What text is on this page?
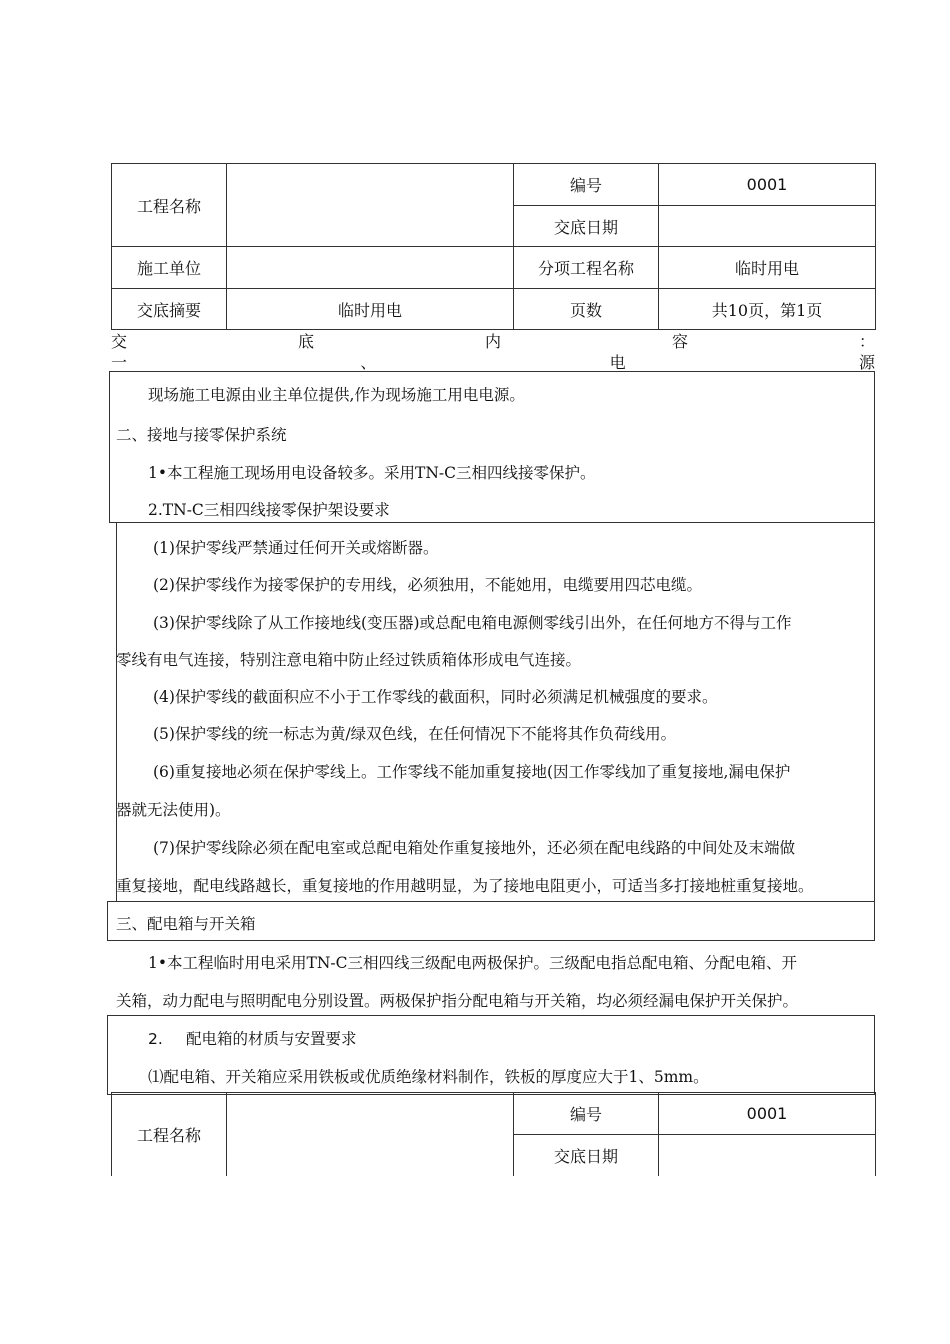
工程名称		编号	0001
		交底日期	
施工单位		分项工程名称	临时用电
交底摘要	临时用电	页数	共10页，第1页
交	底	内	容	：
一	、	电	源
现场施工电源由业主单位提供,作为现场施工用电电源。
二、接地与接零保护系统
1•本工程施工现场用电设备较多。采用TN-C三相四线接零保护。
2.TN-C三相四线接零保护架设要求
(1)保护零线严禁通过任何开关或熔断器。
(2)保护零线作为接零保护的专用线，必须独用，不能她用，电缆要用四芯电缆。
(3)保护零线除了从工作接地线(变压器)或总配电箱电源侧零线引出外，在任何地方不得与工作
零线有电气连接，特别注意电箱中防止经过铁质箱体形成电气连接。
(4)保护零线的截面积应不小于工作零线的截面积，同时必须满足机械强度的要求。
(5)保护零线的统一标志为黄/绿双色线，在任何情况下不能将其作负荷线用。
(6)重复接地必须在保护零线上。工作零线不能加重复接地(因工作零线加了重复接地,漏电保护
器就无法使用)。
(7)保护零线除必须在配电室或总配电箱处作重复接地外，还必须在配电线路的中间处及末端做
重复接地，配电线路越长，重复接地的作用越明显，为了接地电阻更小，可适当多打接地桩重复接地。
三、配电箱与开关箱
1•本工程临时用电采用TN-C三相四线三级配电两极保护。三级配电指总配电箱、分配电箱、开
关箱，动力配电与照明配电分别设置。两极保护指分配电箱与开关箱，均必须经漏电保护开关保护。
2. 配电箱的材质与安置要求
⑴配电箱、开关箱应采用铁板或优质绝缘材料制作，铁板的厚度应大于1、5mm。
工程名称		编号	0001
		交底日期	
